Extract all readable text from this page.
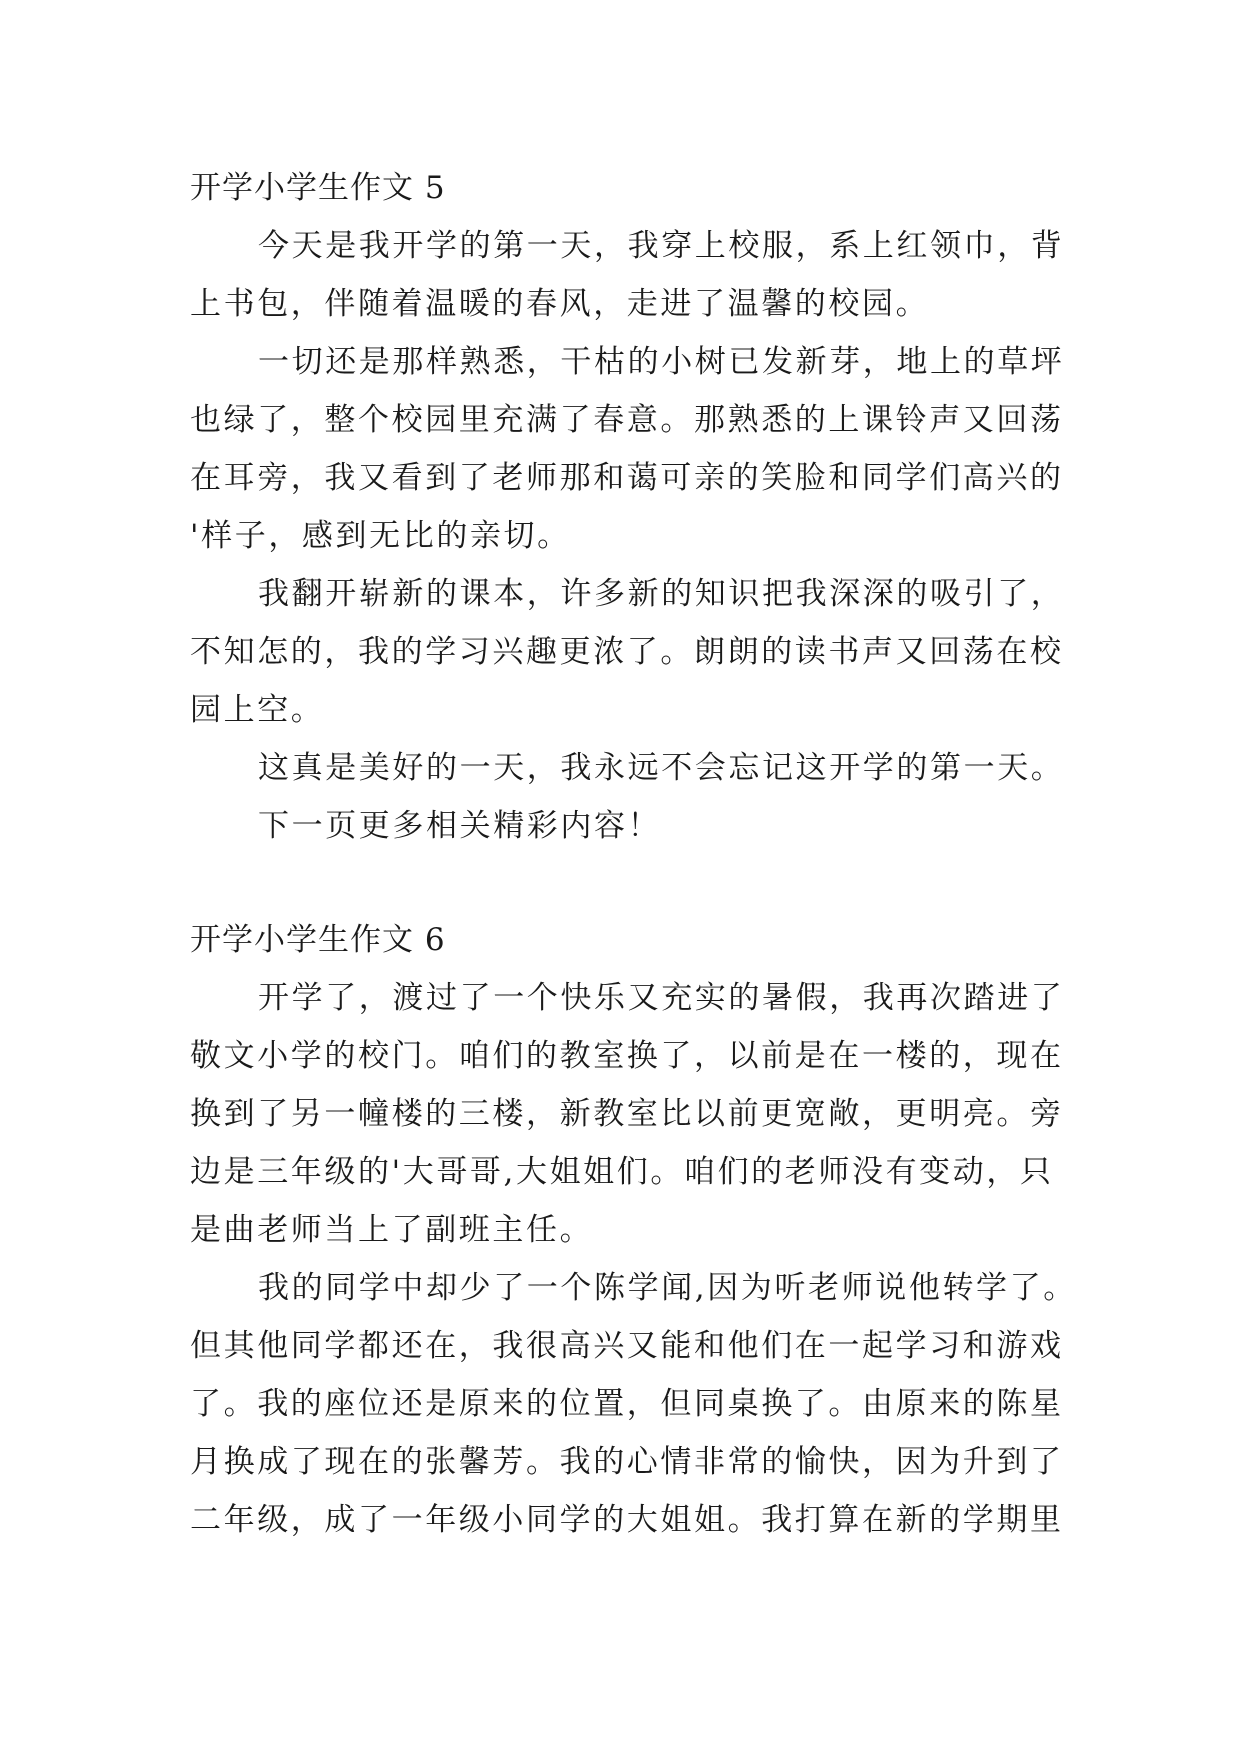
开学小学生作文 5
今天是我开学的第一天，我穿上校服，系上红领巾，背
上书包，伴随着温暖的春风，走进了温馨的校园。
一切还是那样熟悉，干枯的小树已发新芽，地上的草坪
也绿了，整个校园里充满了春意。那熟悉的上课铃声又回荡
在耳旁，我又看到了老师那和蔼可亲的笑脸和同学们高兴的
'样子，感到无比的亲切。
我翻开崭新的课本，许多新的知识把我深深的吸引了，
不知怎的，我的学习兴趣更浓了。朗朗的读书声又回荡在校
园上空。
这真是美好的一天，我永远不会忘记这开学的第一天。
下一页更多相关精彩内容！
开学小学生作文 6
开学了，渡过了一个快乐又充实的暑假，我再次踏进了
敬文小学的校门。咱们的教室换了，以前是在一楼的，现在
换到了另一幢楼的三楼，新教室比以前更宽敞，更明亮。旁
边是三年级的'大哥哥,大姐姐们。咱们的老师没有变动，只
是曲老师当上了副班主任。
我的同学中却少了一个陈学闻,因为听老师说他转学了。
但其他同学都还在，我很高兴又能和他们在一起学习和游戏
了。我的座位还是原来的位置，但同桌换了。由原来的陈星
月换成了现在的张馨芳。我的心情非常的愉快，因为升到了
二年级，成了一年级小同学的大姐姐。我打算在新的学期里
